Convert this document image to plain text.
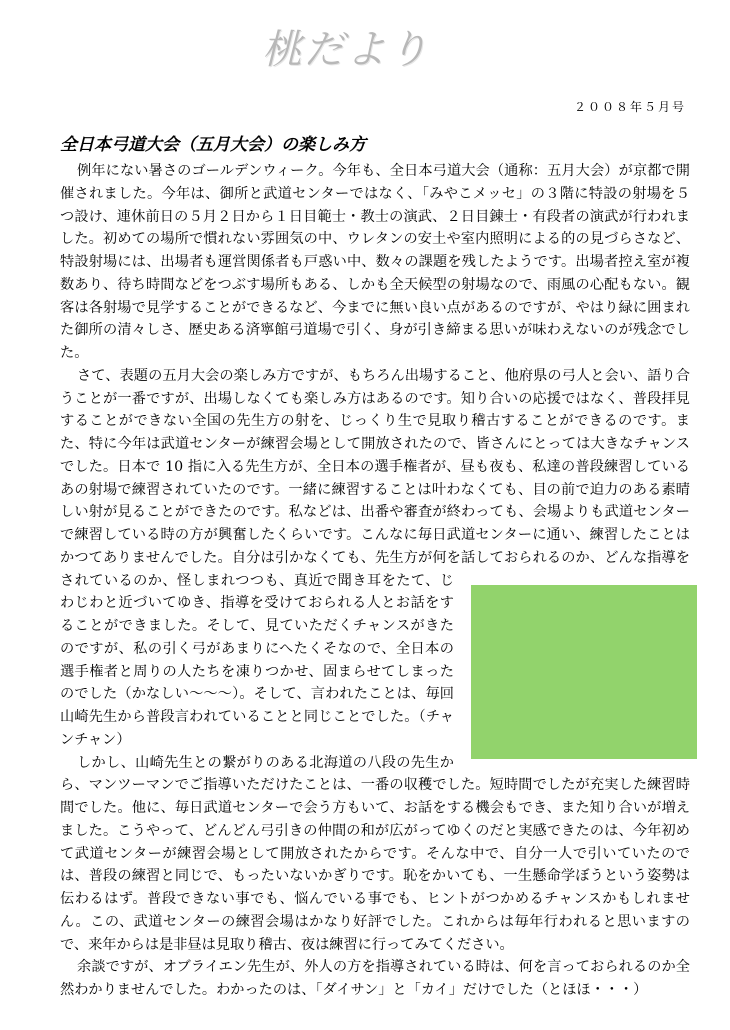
桃だより
２００８年５月号
全日本弓道大会（五月大会）の楽しみ方

例年にない暑さのゴールデンウィーク。今年も、全日本弓道大会（通称：五月大会）が京都で開催されました。今年は、御所と武道センターではなく、「みやこメッセ」の３階に特設の射場を５つ設け、連休前日の５月２日から１日目範士・教士の演武、２日目錬士・有段者の演武が行われました。初めての場所で慣れない雰囲気の中、ウレタンの安土や室内照明による的の見づらさなど、特設射場には、出場者も運営関係者も戸惑い中、数々の課題を残したようです。出場者控え室が複数あり、待ち時間などをつぶす場所もある、しかも全天候型の射場なので、雨風の心配もない。観客は各射場で見学することができるなど、今までに無い良い点があるのですが、やはり緑に囲まれた御所の清々しさ、歴史ある済寧館弓道場で引く、身が引き締まる思いが味わえないのが残念でした。

さて、表題の五月大会の楽しみ方ですが、もちろん出場すること、他府県の弓人と会い、語り合うことが一番ですが、出場しなくても楽しみ方はあるのです。知り合いの応援ではなく、普段拝見することができない全国の先生方の射を、じっくり生で見取り稽古することができるのです。また、特に今年は武道センターが練習会場として開放されたので、皆さんにとっては大きなチャンスでした。日本で 10 指に入る先生方が、全日本の選手権者が、昼も夜も、私達の普段練習しているあの射場で練習されていたのです。一緒に練習することは叶わなくても、目の前で迫力のある素晴しい射が見ることができたのです。私などは、出番や審査が終わっても、会場よりも武道センターで練習している時の方が興奮したくらいです。こんなに毎日武道センターに通い、練習したことはかつてありませんでした。自分は引かなくても、先生方が何を話しておられるのか、どんな指導をされているのか、怪しまれつつも、真近で聞き耳をたて、じわじわと近づいてゆき、指導を受けておられる人とお話をすることができました。そして、見ていただくチャンスがきたのですが、私の引く弓があまりにへたくそなので、全日本の選手権者と周りの人たちを凍りつかせ、固まらせてしまったのでした（かなしい～～～）。そして、言われたことは、毎回山崎先生から普段言われていることと同じことでした。（チャンチャン）

しかし、山崎先生との繋がりのある北海道の八段の先生から、マンツーマンでご指導いただけたことは、一番の収穫でした。短時間でしたが充実した練習時間でした。他に、毎日武道センターで会う方もいて、お話をする機会もでき、また知り合いが増えました。こうやって、どんどん弓引きの仲間の和が広がってゆくのだと実感できたのは、今年初めて武道センターが練習会場として開放されたからです。そんな中で、自分一人で引いていたのでは、普段の練習と同じで、もったいないかぎりです。恥をかいても、一生懸命学ぼうという姿勢は伝わるはず。普段できない事でも、悩んでいる事でも、ヒントがつかめるチャンスかもしれません。この、武道センターの練習会場はかなり好評でした。これからは毎年行われると思いますので、来年からは是非昼は見取り稽古、夜は練習に行ってみてください。

余談ですが、オブライエン先生が、外人の方を指導されている時は、何を言っておられるのか全然わかりませんでした。わかったのは、「ダイサン」と「カイ」だけでした（とほほ・・・）
